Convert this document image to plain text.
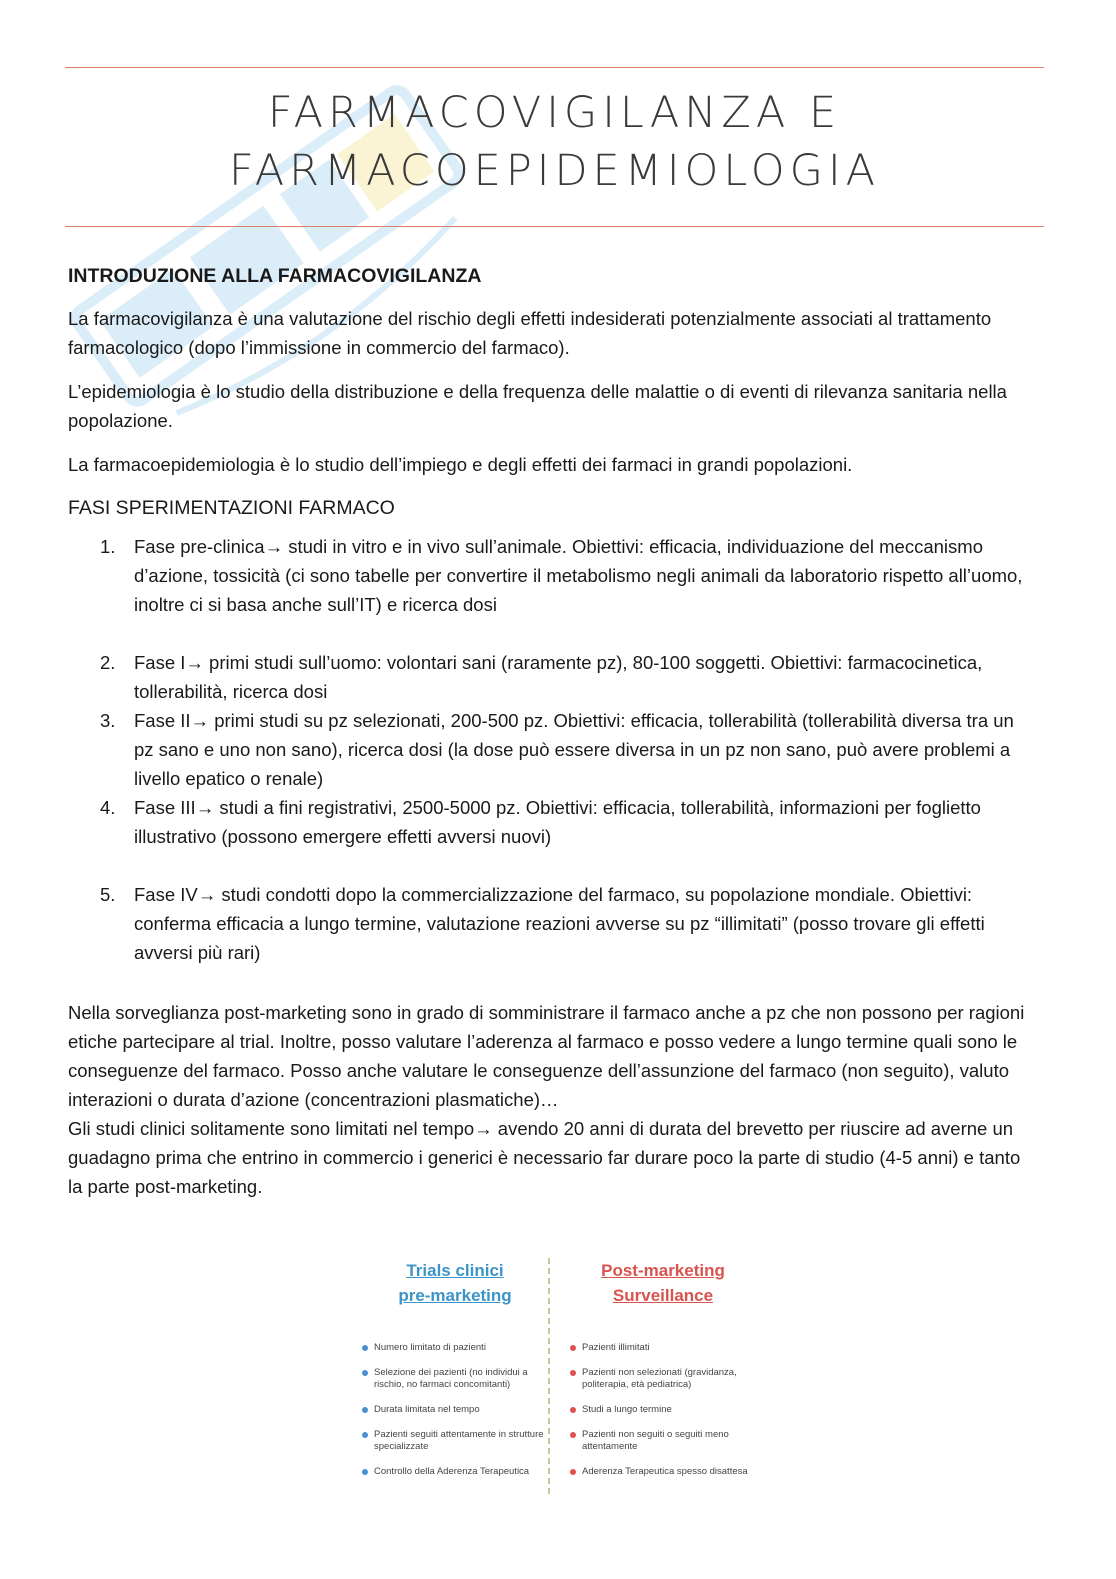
FARMACOVIGILANZA E
FARMACOEPIDEMIOLOGIA
INTRODUZIONE ALLA FARMACOVIGILANZA

La farmacovigilanza è una valutazione del rischio degli effetti indesiderati potenzialmente associati al trattamento farmacologico (dopo l’immissione in commercio del farmaco).

L’epidemiologia è lo studio della distribuzione e della frequenza delle malattie o di eventi di rilevanza sanitaria nella popolazione.

La farmacoepidemiologia è lo studio dell’impiego e degli effetti dei farmaci in grandi popolazioni.

FASI SPERIMENTAZIONI FARMACO
1. Fase pre-clinica→ studi in vitro e in vivo sull’animale. Obiettivi: efficacia, individuazione del meccanismo d’azione, tossicità (ci sono tabelle per convertire il metabolismo negli animali da laboratorio rispetto all’uomo, inoltre ci si basa anche sull’IT) e ricerca dosi
2. Fase I→ primi studi sull’uomo: volontari sani (raramente pz), 80-100 soggetti. Obiettivi: farmacocinetica, tollerabilità, ricerca dosi
3. Fase II→ primi studi su pz selezionati, 200-500 pz. Obiettivi: efficacia, tollerabilità (tollerabilità diversa tra un pz sano e uno non sano), ricerca dosi (la dose può essere diversa in un pz non sano, può avere problemi a livello epatico o renale)
4. Fase III→ studi a fini registrativi, 2500-5000 pz. Obiettivi: efficacia, tollerabilità, informazioni per foglietto illustrativo (possono emergere effetti avversi nuovi)
5. Fase IV→ studi condotti dopo la commercializzazione del farmaco, su popolazione mondiale. Obiettivi: conferma efficacia a lungo termine, valutazione reazioni avverse su pz “illimitati” (posso trovare gli effetti avversi più rari)

Nella sorveglianza post-marketing sono in grado di somministrare il farmaco anche a pz che non possono per ragioni etiche partecipare al trial. Inoltre, posso valutare l’aderenza al farmaco e posso vedere a lungo termine quali sono le conseguenze del farmaco. Posso anche valutare le conseguenze dell’assunzione del farmaco (non seguito), valuto interazioni o durata d’azione (concentrazioni plasmatiche)…

Gli studi clinici solitamente sono limitati nel tempo→ avendo 20 anni di durata del brevetto per riuscire ad averne un guadagno prima che entrino in commercio i generici è necessario far durare poco la parte di studio (4-5 anni) e tanto la parte post-marketing.

Trials clinici
pre-marketing
Numero limitato di pazienti
Selezione dei pazienti (no individui a rischio, no farmaci concomitanti)
Durata limitata nel tempo
Pazienti seguiti attentamente in strutture specializzate
Controllo della Aderenza Terapeutica
Post-marketing
Surveillance
Pazienti illimitati
Pazienti non selezionati (gravidanza, politerapia, età pediatrica)
Studi a lungo termine
Pazienti non seguiti o seguiti meno attentamente
Aderenza Terapeutica spesso disattesa
